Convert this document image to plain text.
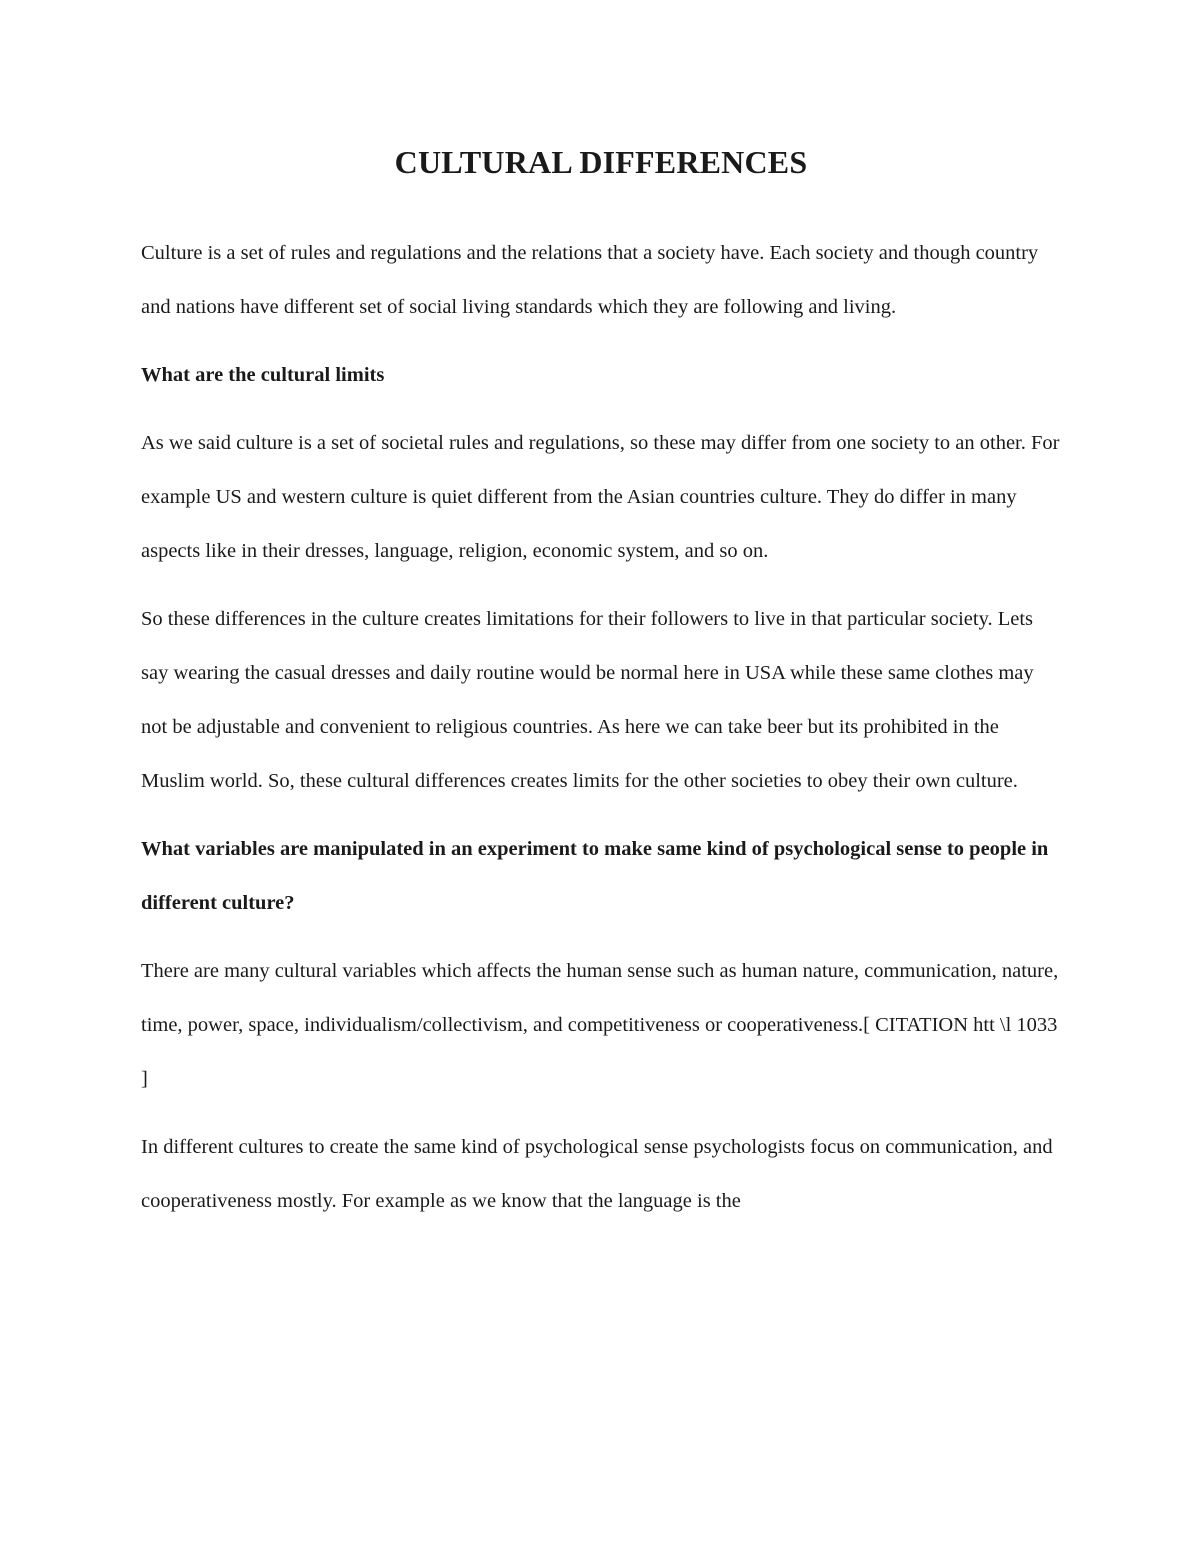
CULTURAL DIFFERENCES

Culture is a set of rules and regulations and the relations that a society have. Each society and though country and nations have different set of social living standards which they are following and living.

What are the cultural limits

As we said culture is a set of societal rules and regulations, so these may differ from one society to an other. For example US and western culture is quiet different from the Asian countries culture. They do differ in many aspects like in their dresses, language, religion, economic system, and so on.

So these differences in the culture creates limitations for their followers to live in that particular society. Lets say wearing the casual dresses and daily routine would be normal here in USA while these same clothes may not be adjustable and convenient to religious countries. As here we can take beer but its prohibited in the Muslim world. So, these cultural differences creates limits for the other societies to obey their own culture.

What variables are manipulated in an experiment to make same kind of psychological sense to people in different culture?

There are many cultural variables which affects the human sense such as human nature, communication, nature, time, power, space, individualism/collectivism, and competitiveness or cooperativeness.[ CITATION htt \l 1033 ]

In different cultures to create the same kind of psychological sense psychologists focus on communication, and cooperativeness mostly. For example as we know that the language is the
